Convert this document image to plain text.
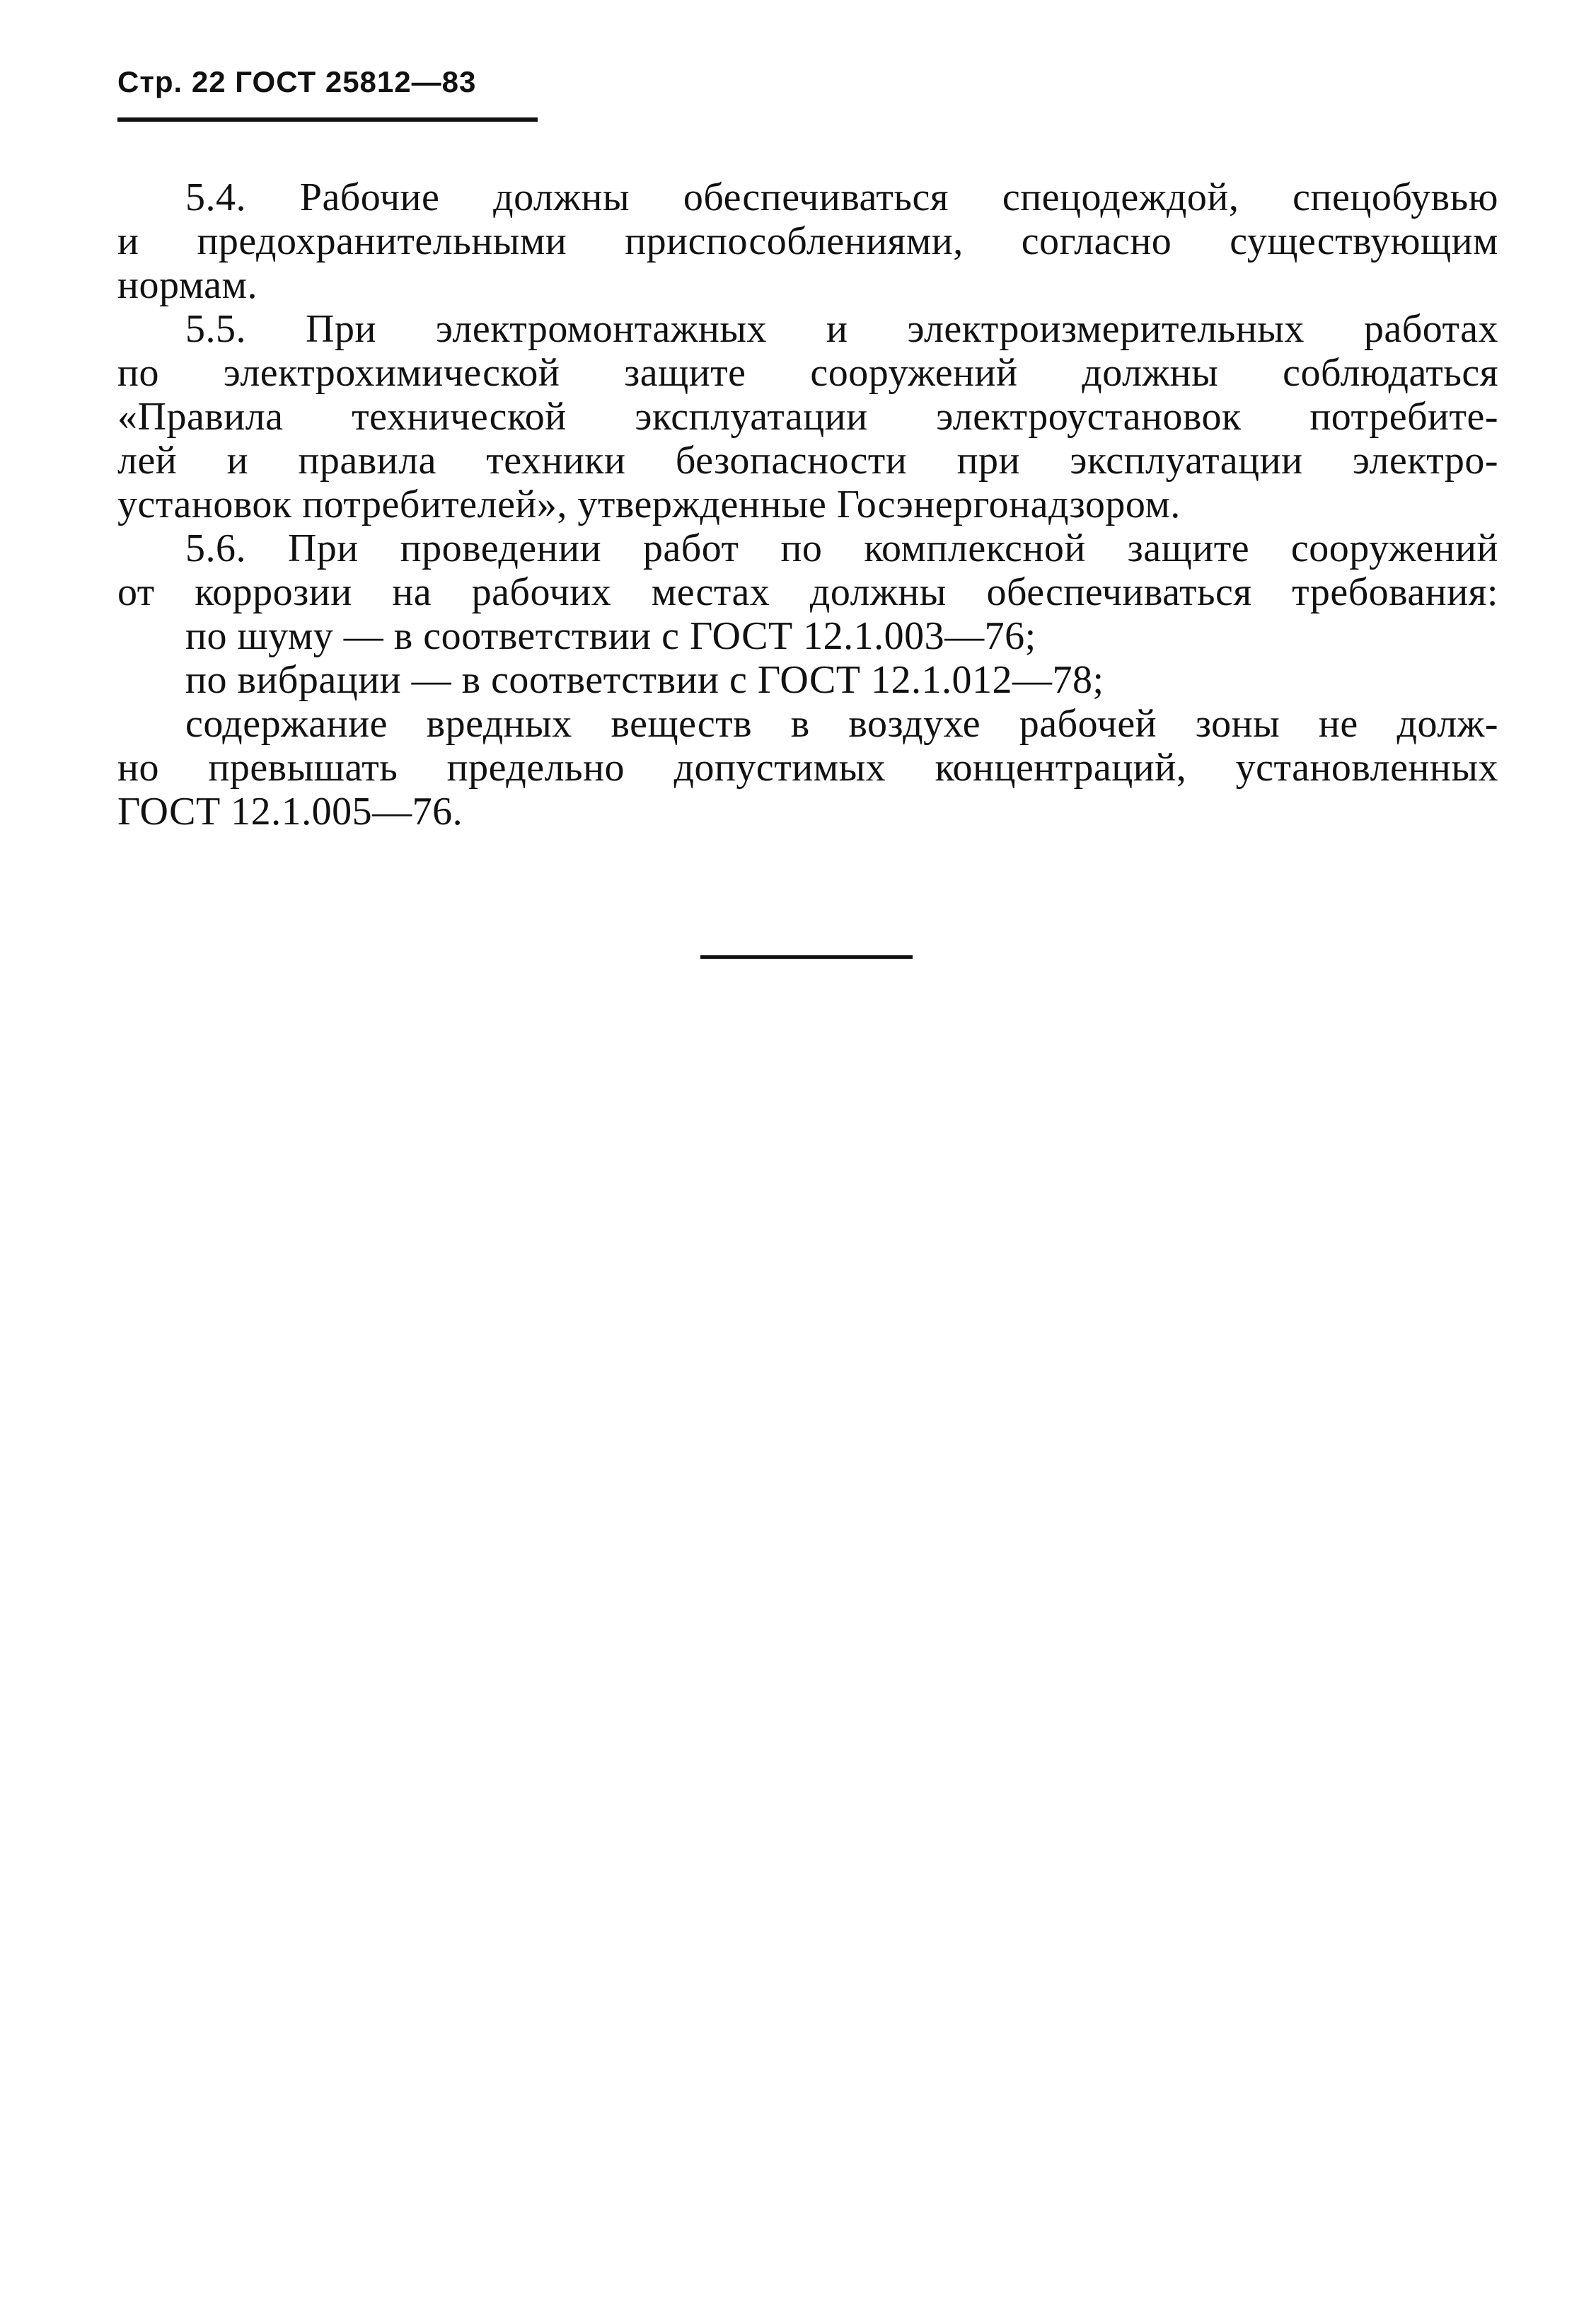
Стр. 22 ГОСТ 25812—83
5.4. Рабочие должны обеспечиваться спецодеждой, спецобувью
и предохранительными приспособлениями, согласно существующим
нормам.
5.5. При электромонтажных и электроизмерительных работах
по электрохимической защите сооружений должны соблюдаться
«Правила технической эксплуатации электроустановок потребите-
лей и правила техники безопасности при эксплуатации электро-
установок потребителей», утвержденные Госэнергонадзором.
5.6. При проведении работ по комплексной защите сооружений
от коррозии на рабочих местах должны обеспечиваться требования:
по шуму — в соответствии с ГОСТ 12.1.003—76;
по вибрации — в соответствии с ГОСТ 12.1.012—78;
содержание вредных веществ в воздухе рабочей зоны не долж-
но превышать предельно допустимых концентраций, установленных
ГОСТ 12.1.005—76.
